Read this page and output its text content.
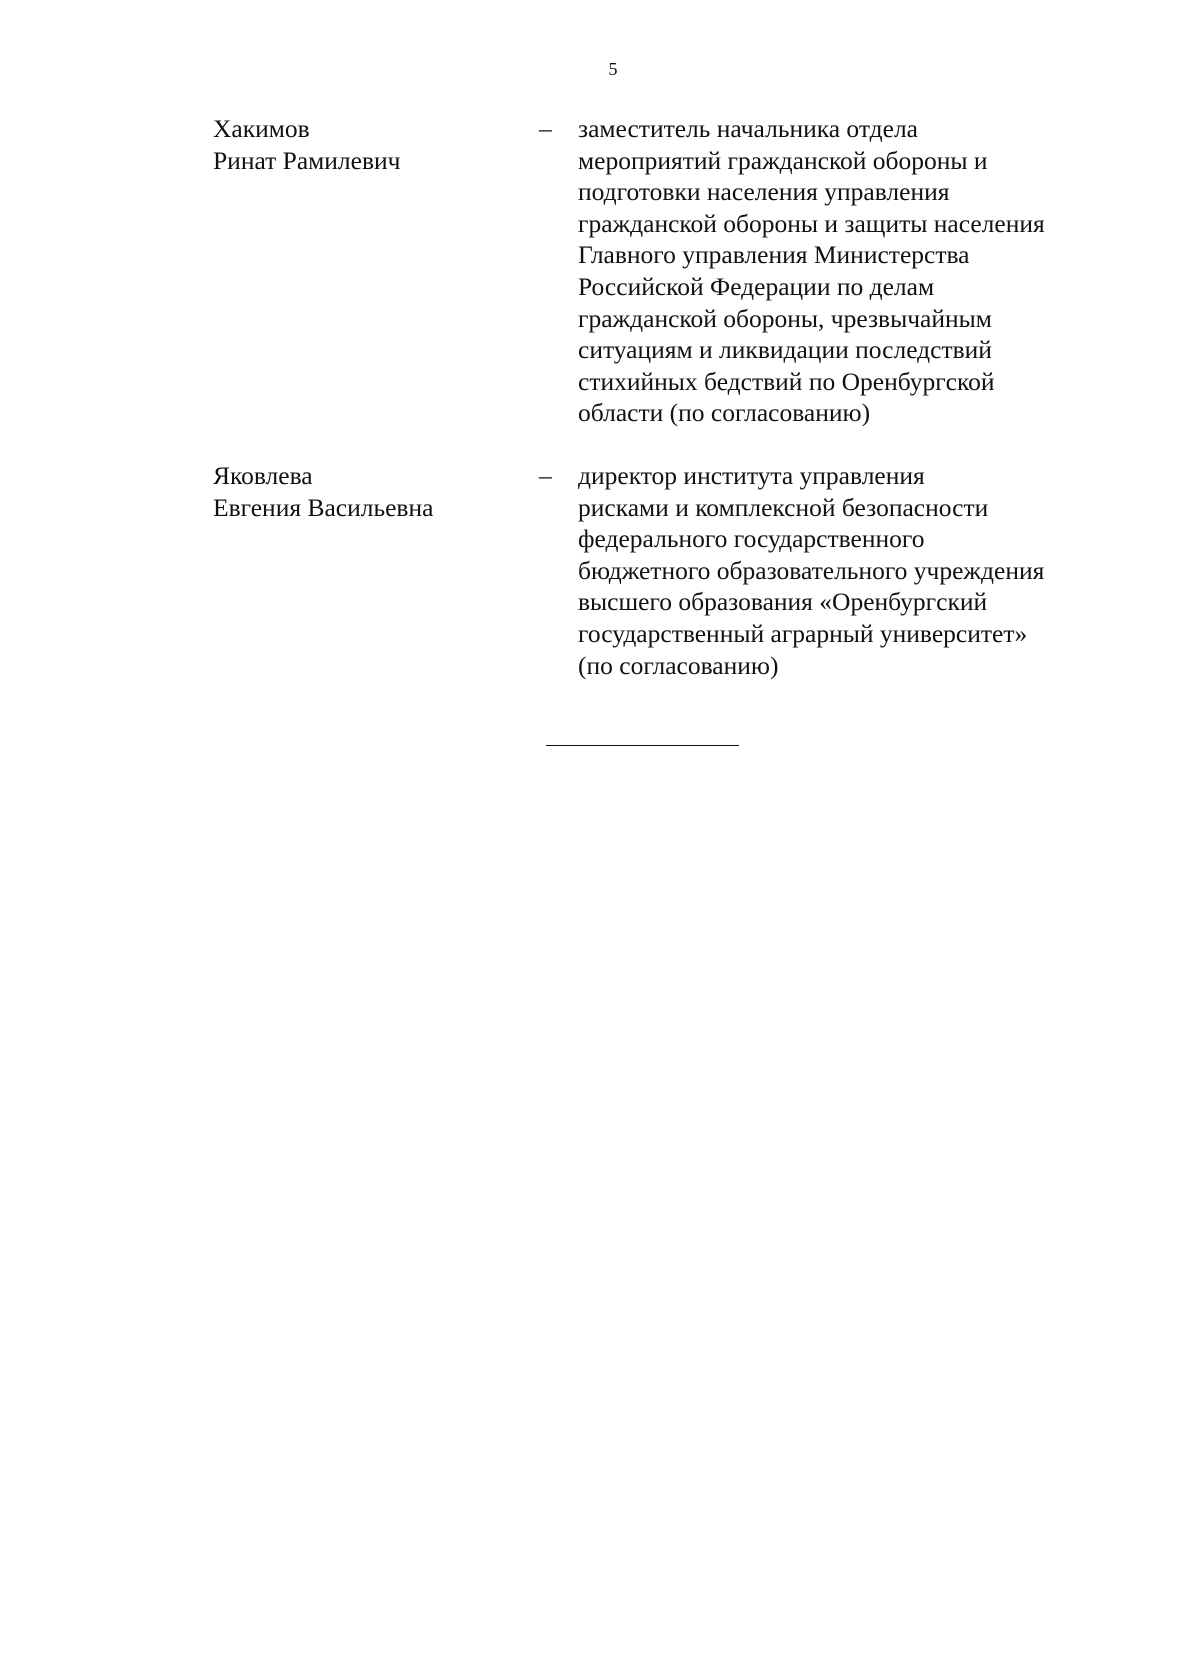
5
Хакимов
Ринат Рамилевич
–	заместитель начальника отдела
мероприятий гражданской обороны и
подготовки населения управления
гражданской обороны и защиты населения
Главного управления Министерства
Российской Федерации по делам
гражданской обороны, чрезвычайным
ситуациям и ликвидации последствий
стихийных бедствий по Оренбургской
области (по согласованию)
Яковлева
Евгения Васильевна
–	директор института управления
рисками и комплексной безопасности
федерального государственного
бюджетного образовательного учреждения
высшего образования «Оренбургский
государственный аграрный университет»
(по согласованию)
